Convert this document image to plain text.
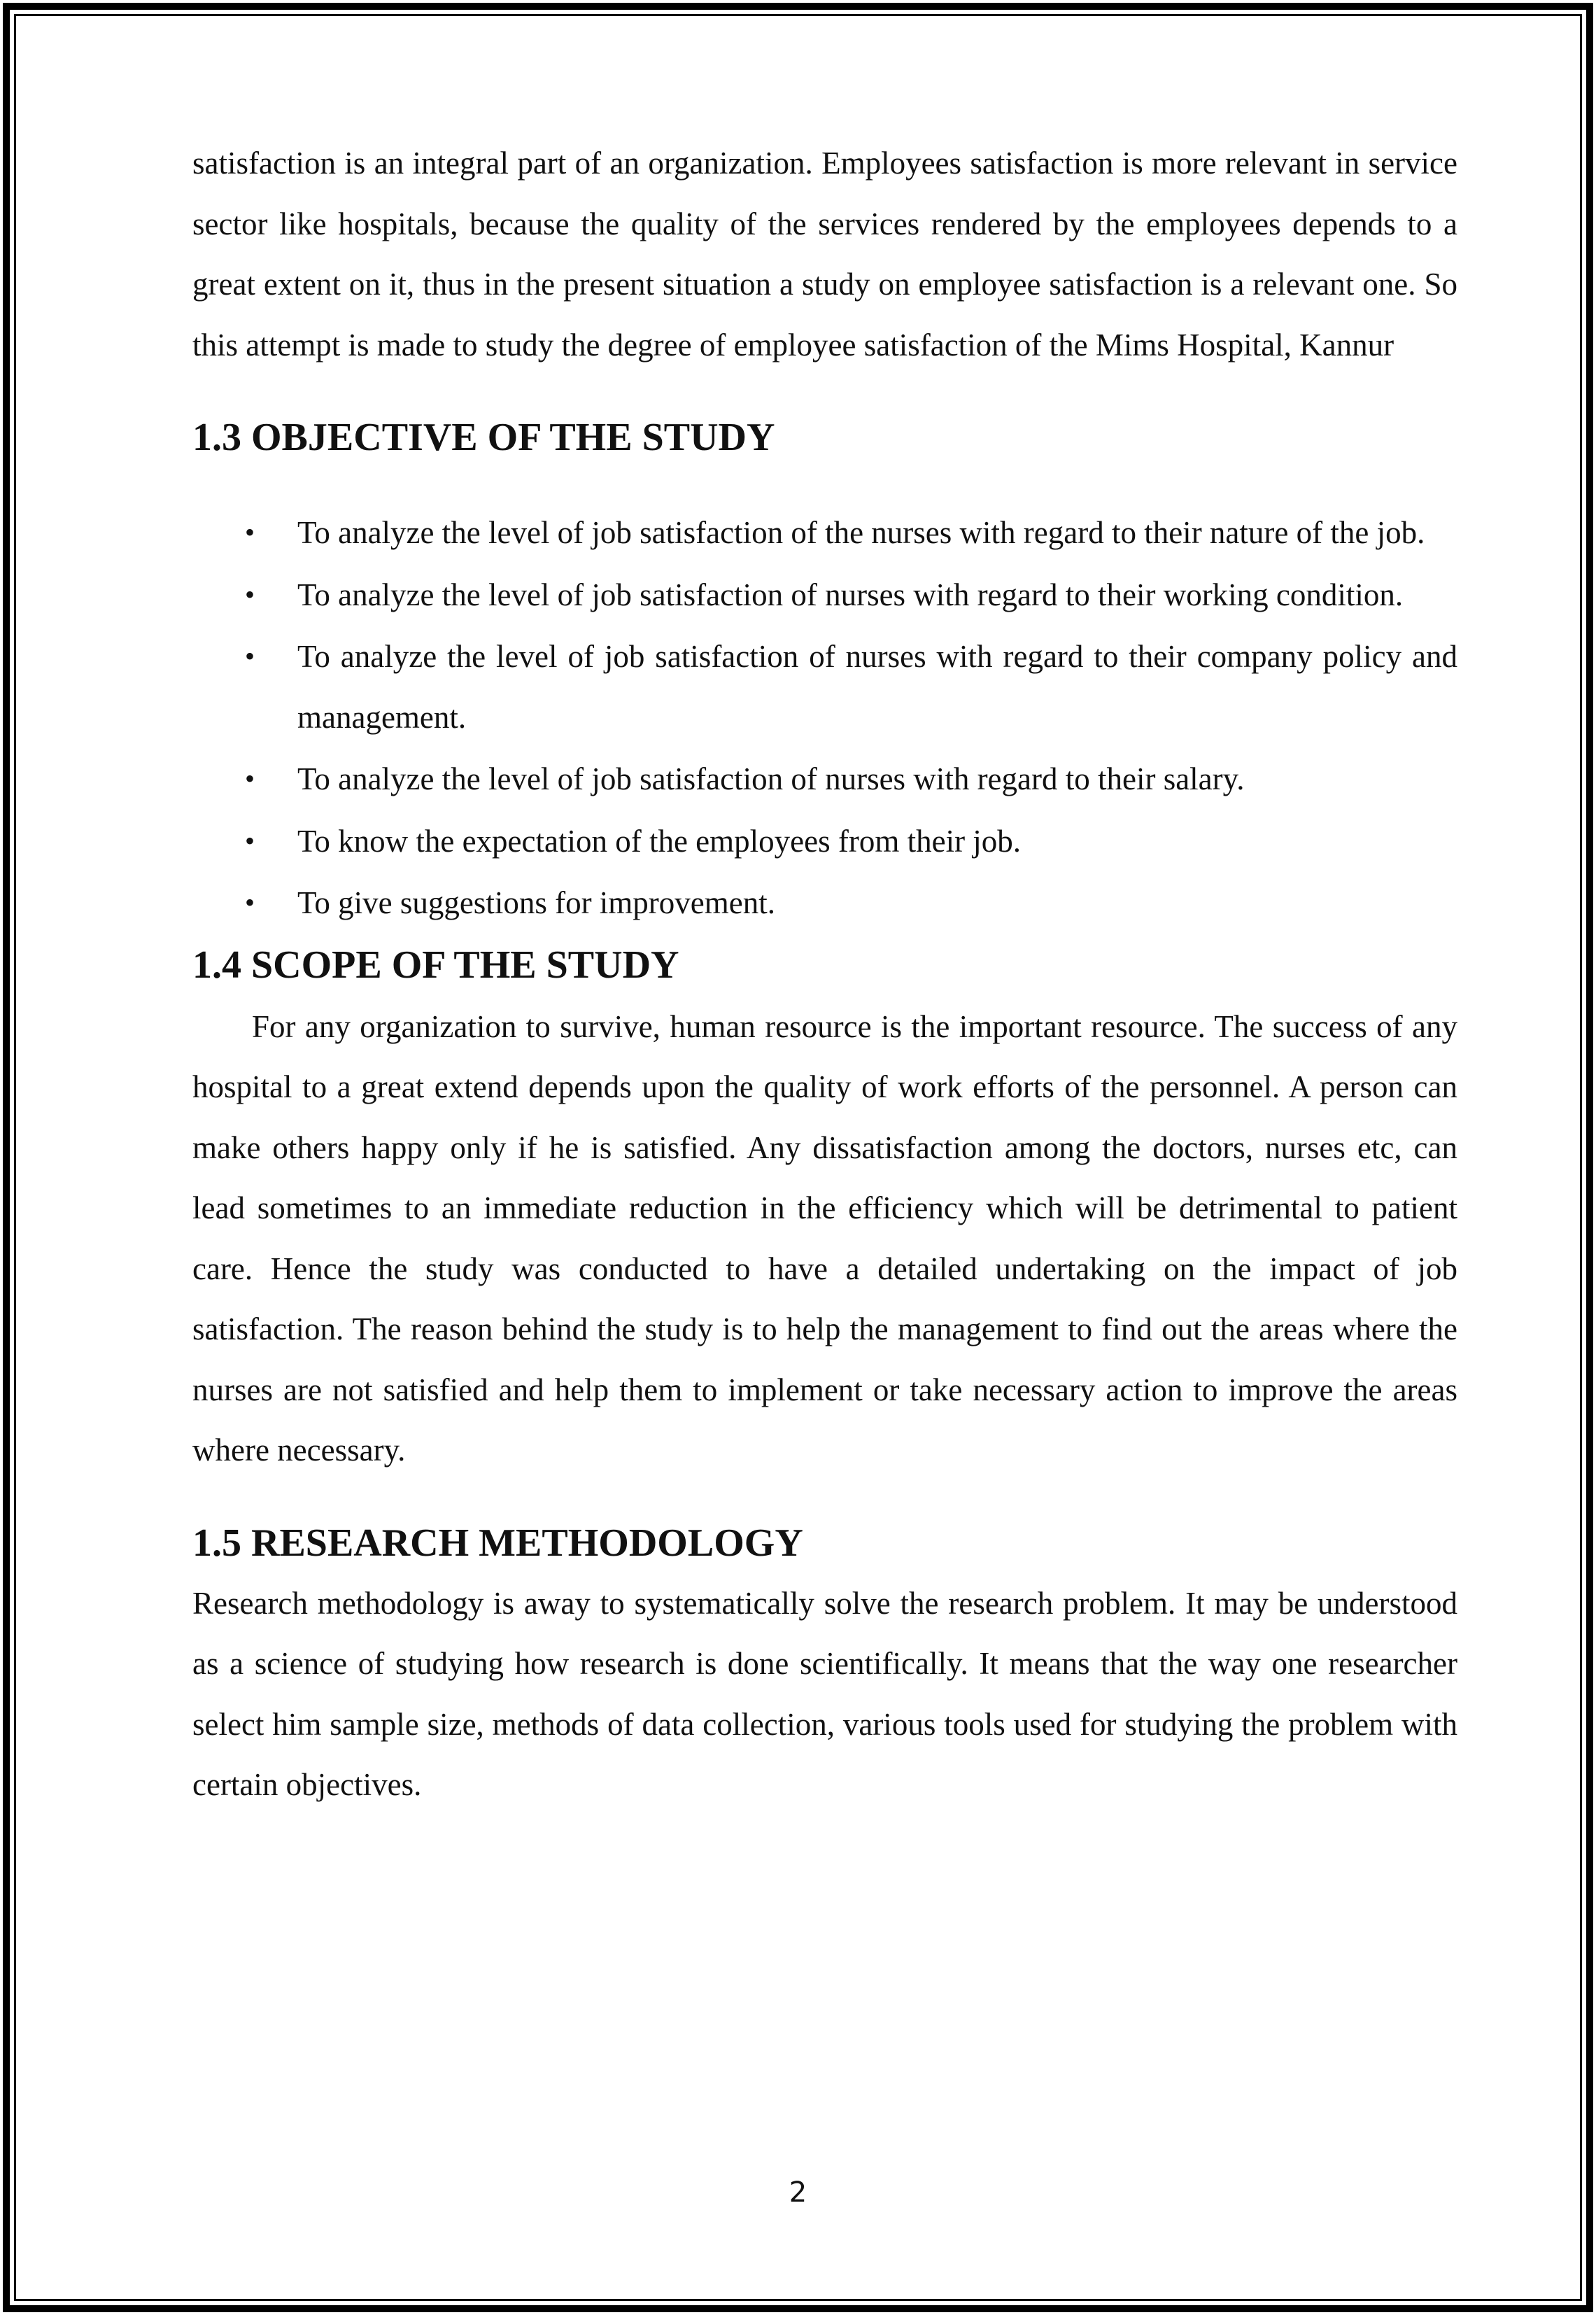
satisfaction is an integral part of an organization. Employees satisfaction is more relevant in service sector like hospitals, because the quality of the services rendered by the employees depends to a great extent on it, thus in the present situation a study on employee satisfaction is a relevant one. So this attempt is made to study the degree of employee satisfaction of the Mims Hospital, Kannur

1.3 OBJECTIVE OF THE STUDY
• To analyze the level of job satisfaction of the nurses with regard to their nature of the job.
• To analyze the level of job satisfaction of nurses with regard to their working condition.
• To analyze the level of job satisfaction of nurses with regard to their company policy and management.
• To analyze the level of job satisfaction of nurses with regard to their salary.
• To know the expectation of the employees from their job.
• To give suggestions for improvement.
1.4 SCOPE OF THE STUDY

For any organization to survive, human resource is the important resource. The success of any hospital to a great extend depends upon the quality of work efforts of the personnel. A person can make others happy only if he is satisfied. Any dissatisfaction among the doctors, nurses etc, can lead sometimes to an immediate reduction in the efficiency which will be detrimental to patient care. Hence the study was conducted to have a detailed undertaking on the impact of job satisfaction. The reason behind the study is to help the management to find out the areas where the nurses are not satisfied and help them to implement or take necessary action to improve the areas where necessary.

1.5 RESEARCH METHODOLOGY

Research methodology is away to systematically solve the research problem. It may be understood as a science of studying how research is done scientifically. It means that the way one researcher select him sample size, methods of data collection, various tools used for studying the problem with certain objectives.

2
